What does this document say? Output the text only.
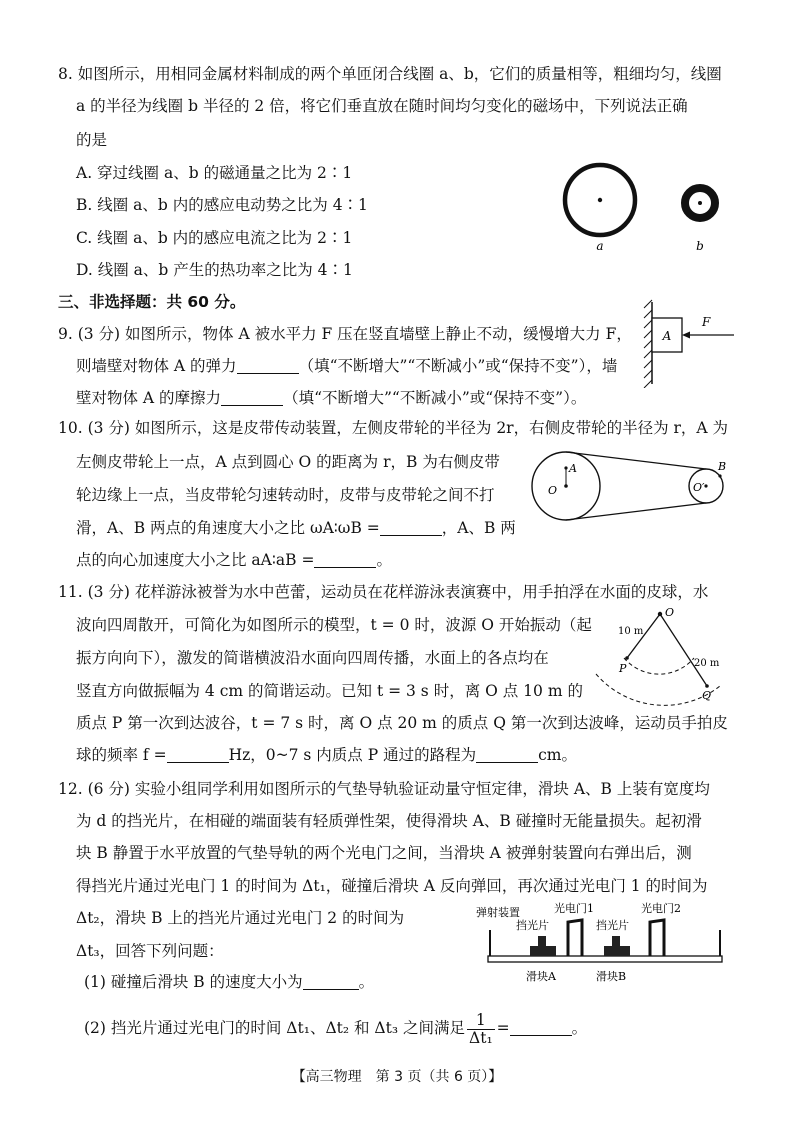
8. 如图所示，用相同金属材料制成的两个单匝闭合线圈 a、b，它们的质量相等，粗细均匀，线圈
a 的半径为线圈 b 半径的 2 倍，将它们垂直放在随时间均匀变化的磁场中，下列说法正确
的是
A. 穿过线圈 a、b 的磁通量之比为 2∶1
B. 线圈 a、b 内的感应电动势之比为 4∶1
C. 线圈 a、b 内的感应电流之比为 2∶1
D. 线圈 a、b 产生的热功率之比为 4∶1
a	b
三、非选择题：共 60 分。
9. (3 分) 如图所示，物体 A 被水平力 F 压在竖直墙壁上静止不动，缓慢增大力 F，
则墙壁对物体 A 的弹力	（填“不断增大”“不断减小”或“保持不变”），墙
壁对物体 A 的摩擦力	（填“不断增大”“不断减小”或“保持不变”）。
A
F
10. (3 分) 如图所示，这是皮带传动装置，左侧皮带轮的半径为 2r，右侧皮带轮的半径为 r，A 为
左侧皮带轮上一点，A 点到圆心 O 的距离为 r，B 为右侧皮带
轮边缘上一点，当皮带轮匀速转动时，皮带与皮带轮之间不打
滑，A、B 两点的角速度大小之比 ωA∶ωB =	，A、B 两
点的向心加速度大小之比 aA∶aB =	。
A
O
B
O′
11. (3 分) 花样游泳被誉为水中芭蕾，运动员在花样游泳表演赛中，用手拍浮在水面的皮球，水
波向四周散开，可简化为如图所示的模型，t = 0 时，波源 O 开始振动（起
振方向向下），激发的简谐横波沿水面向四周传播，水面上的各点均在
竖直方向做振幅为 4 cm 的简谐运动。已知 t = 3 s 时，离 O 点 10 m 的
质点 P 第一次到达波谷，t = 7 s 时，离 O 点 20 m 的质点 Q 第一次到达波峰，运动员手拍皮
球的频率 f =	Hz，0~7 s 内质点 P 通过的路程为	cm。
O
P
Q
10 m
20 m
12. (6 分) 实验小组同学利用如图所示的气垫导轨验证动量守恒定律，滑块 A、B 上装有宽度均
为 d 的挡光片，在相碰的端面装有轻质弹性架，使得滑块 A、B 碰撞时无能量损失。起初滑
块 B 静置于水平放置的气垫导轨的两个光电门之间，当滑块 A 被弹射装置向右弹出后，测
得挡光片通过光电门 1 的时间为 Δt₁，碰撞后滑块 A 反向弹回，再次通过光电门 1 的时间为
Δt₂，滑块 B 上的挡光片通过光电门 2 的时间为
Δt₃，回答下列问题：
(1) 碰撞后滑块 B 的速度大小为	。
(2) 挡光片通过光电门的时间 Δt₁、Δt₂ 和 Δt₃ 之间满足 $\frac{1}{\text{Δt₁}}$ =	。
弹射装置	光电门1	光电门2
挡光片	挡光片
滑块A	滑块B
【高三物理　第 3 页（共 6 页）】
